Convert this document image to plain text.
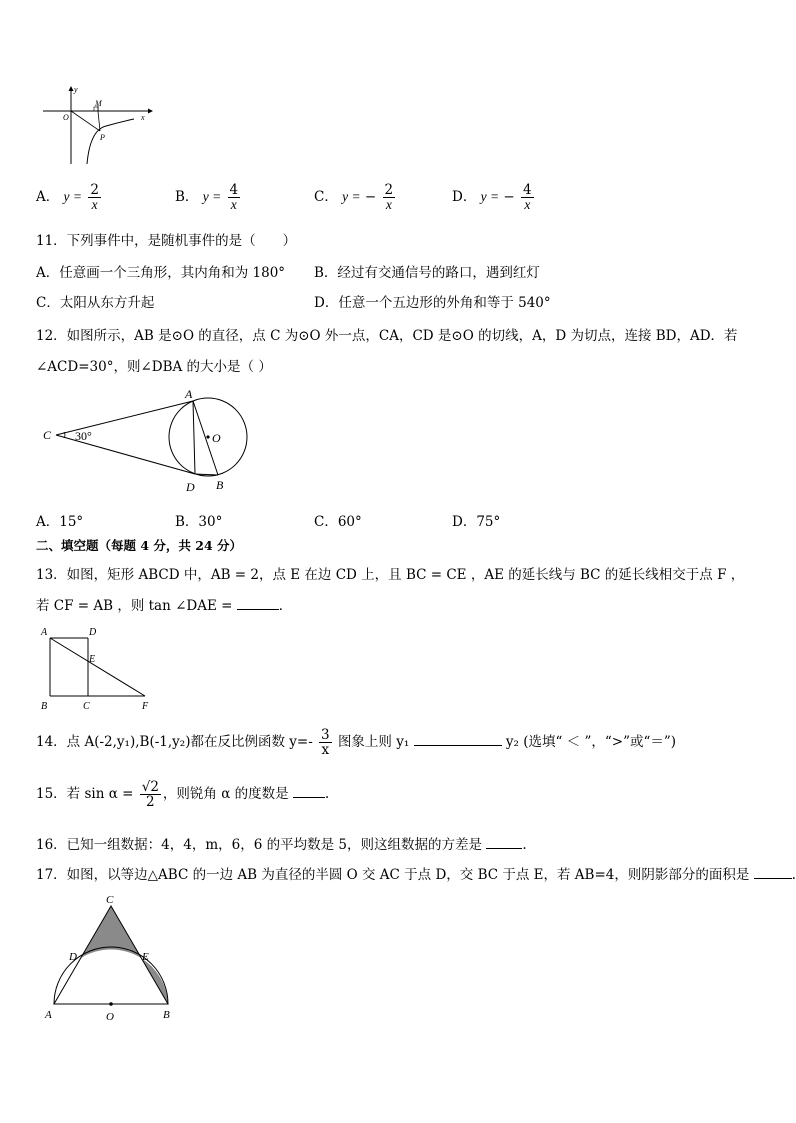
y
x
O
M
P
A． $y = \frac{2}{x}$	B． $y = \frac{4}{x}$	C． y = − $\frac{2}{x}$	D． y = − $\frac{4}{x}$
11．下列事件中，是随机事件的是（　　）
A．任意画一个三角形，其内角和为 180° B．经过有交通信号的路口，遇到红灯
C．太阳从东方升起	D．任意一个五边形的外角和等于 540°
12．如图所示，AB 是⊙O 的直径，点 C 为⊙O 外一点，CA，CD 是⊙O 的切线，A，D 为切点，连接 BD，AD．若
∠ACD=30°，则∠DBA 的大小是（ ）
A
B
C
D
O
30°
A．15°	B．30°	C．60°	D．75°
二、填空题（每题 4 分，共 24 分）
13．如图，矩形 ABCD 中，AB = 2，点 E 在边 CD 上，且 BC = CE ，AE 的延长线与 BC 的延长线相交于点 F ，
若 CF = AB ，则 tan ∠DAE =	．
A	D
E
B	C	F
14．点 A(-2,y₁),B(-1,y₂)都在反比例函数 $y=- \frac{3}{x}$ 图象上则 y₁	y₂ (选填“ ＜ ”，“>”或“＝”)
15．若 $\sin \alpha = \frac{√2}{2}$ ，则锐角 α 的度数是	.
16．已知一组数据：4，4，m，6，6 的平均数是 5，则这组数据的方差是	.
17．如图，以等边△ABC 的一边 AB 为直径的半圆 O 交 AC 于点 D，交 BC 于点 E，若 AB=4，则阴影部分的面积是	.
C
D	E
A	O	B
